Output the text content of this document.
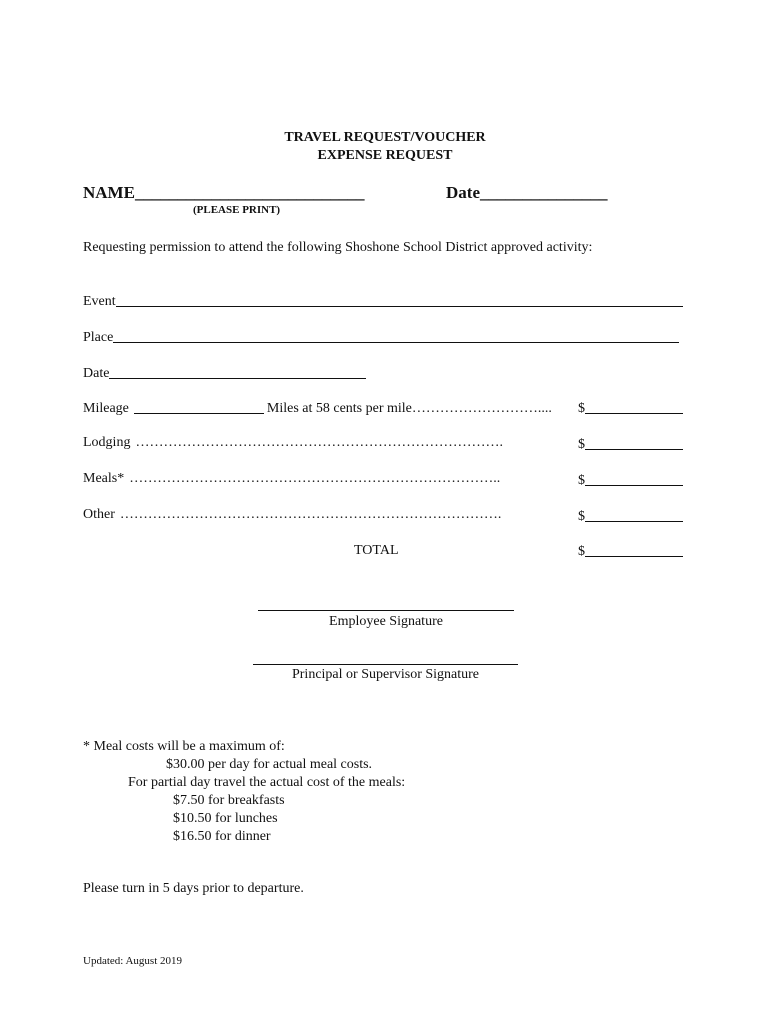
TRAVEL REQUEST/VOUCHER
EXPENSE REQUEST
NAME___________________________	Date_______________
(PLEASE PRINT)
Requesting permission to attend the following Shoshone School District approved activity:
Event
Place
Date
Mileage	Miles at 58 cents per mile……………………….... $
Lodging …………………………………………………………………….	$
Meals* ……………………………………………………………………..	$
Other ……………………………………………………………………….	$
TOTAL	$
Employee Signature
Principal or Supervisor Signature
* Meal costs will be a maximum of:
$30.00 per day for actual meal costs.
For partial day travel the actual cost of the meals:
$7.50 for breakfasts
$10.50 for lunches
$16.50 for dinner
Please turn in 5 days prior to departure.
Updated: August 2019
